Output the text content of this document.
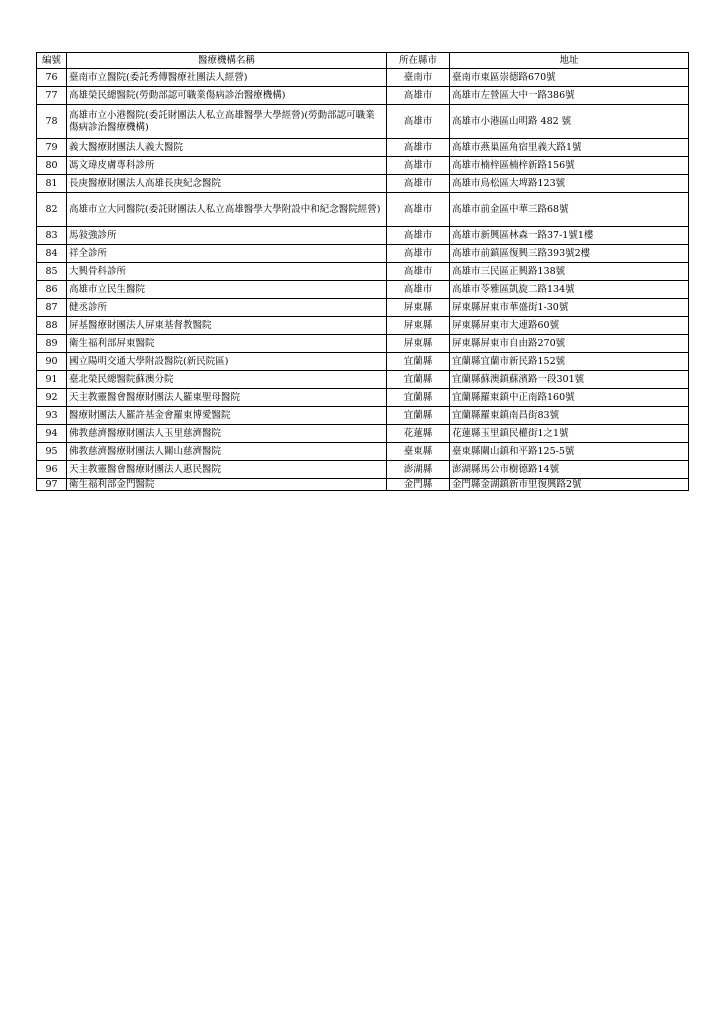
編號	醫療機構名稱	所在縣市	地址
76	臺南市立醫院(委託秀傳醫療社團法人經營)	臺南市	臺南市東區崇德路670號
77	高雄榮民總醫院(勞動部認可職業傷病診治醫療機構)	高雄市	高雄市左營區大中一路386號
78	高雄市立小港醫院(委託財團法人私立高雄醫學大學經營)(勞動部認可職業傷病診治醫療機構)	高雄市	高雄市小港區山明路 482 號
79	義大醫療財團法人義大醫院	高雄市	高雄市燕巢區角宿里義大路1號
80	馮文瑋皮膚專科診所	高雄市	高雄市楠梓區楠梓新路156號
81	長庚醫療財團法人高雄長庚紀念醫院	高雄市	高雄市鳥松區大埤路123號
82	高雄市立大同醫院(委託財團法人私立高雄醫學大學附設中和紀念醫院經營)	高雄市	高雄市前金區中華三路68號
83	馬敍強診所	高雄市	高雄市新興區林森一路37-1號1樓
84	祥全診所	高雄市	高雄市前鎮區復興三路393號2樓
85	大興骨科診所	高雄市	高雄市三民區正興路138號
86	高雄市立民生醫院	高雄市	高雄市苓雅區凱旋二路134號
87	健丞診所	屏東縣	屏東縣屏東市華盛街1-30號
88	屏基醫療財團法人屏東基督教醫院	屏東縣	屏東縣屏東市大連路60號
89	衛生福利部屏東醫院	屏東縣	屏東縣屏東市自由路270號
90	國立陽明交通大學附設醫院(新民院區)	宜蘭縣	宜蘭縣宜蘭市新民路152號
91	臺北榮民總醫院蘇澳分院	宜蘭縣	宜蘭縣蘇澳鎮蘇濱路一段301號
92	天主教靈醫會醫療財團法人羅東聖母醫院	宜蘭縣	宜蘭縣羅東鎮中正南路160號
93	醫療財團法人羅許基金會羅東博愛醫院	宜蘭縣	宜蘭縣羅東鎮南昌街83號
94	佛教慈濟醫療財團法人玉里慈濟醫院	花蓮縣	花蓮縣玉里鎮民權街1之1號
95	佛教慈濟醫療財團法人關山慈濟醫院	臺東縣	臺東縣關山鎮和平路125-5號
96	天主教靈醫會醫療財團法人惠民醫院	澎湖縣	澎湖縣馬公市樹德路14號
97	衛生福利部金門醫院	金門縣	金門縣金湖鎮新市里復興路2號
